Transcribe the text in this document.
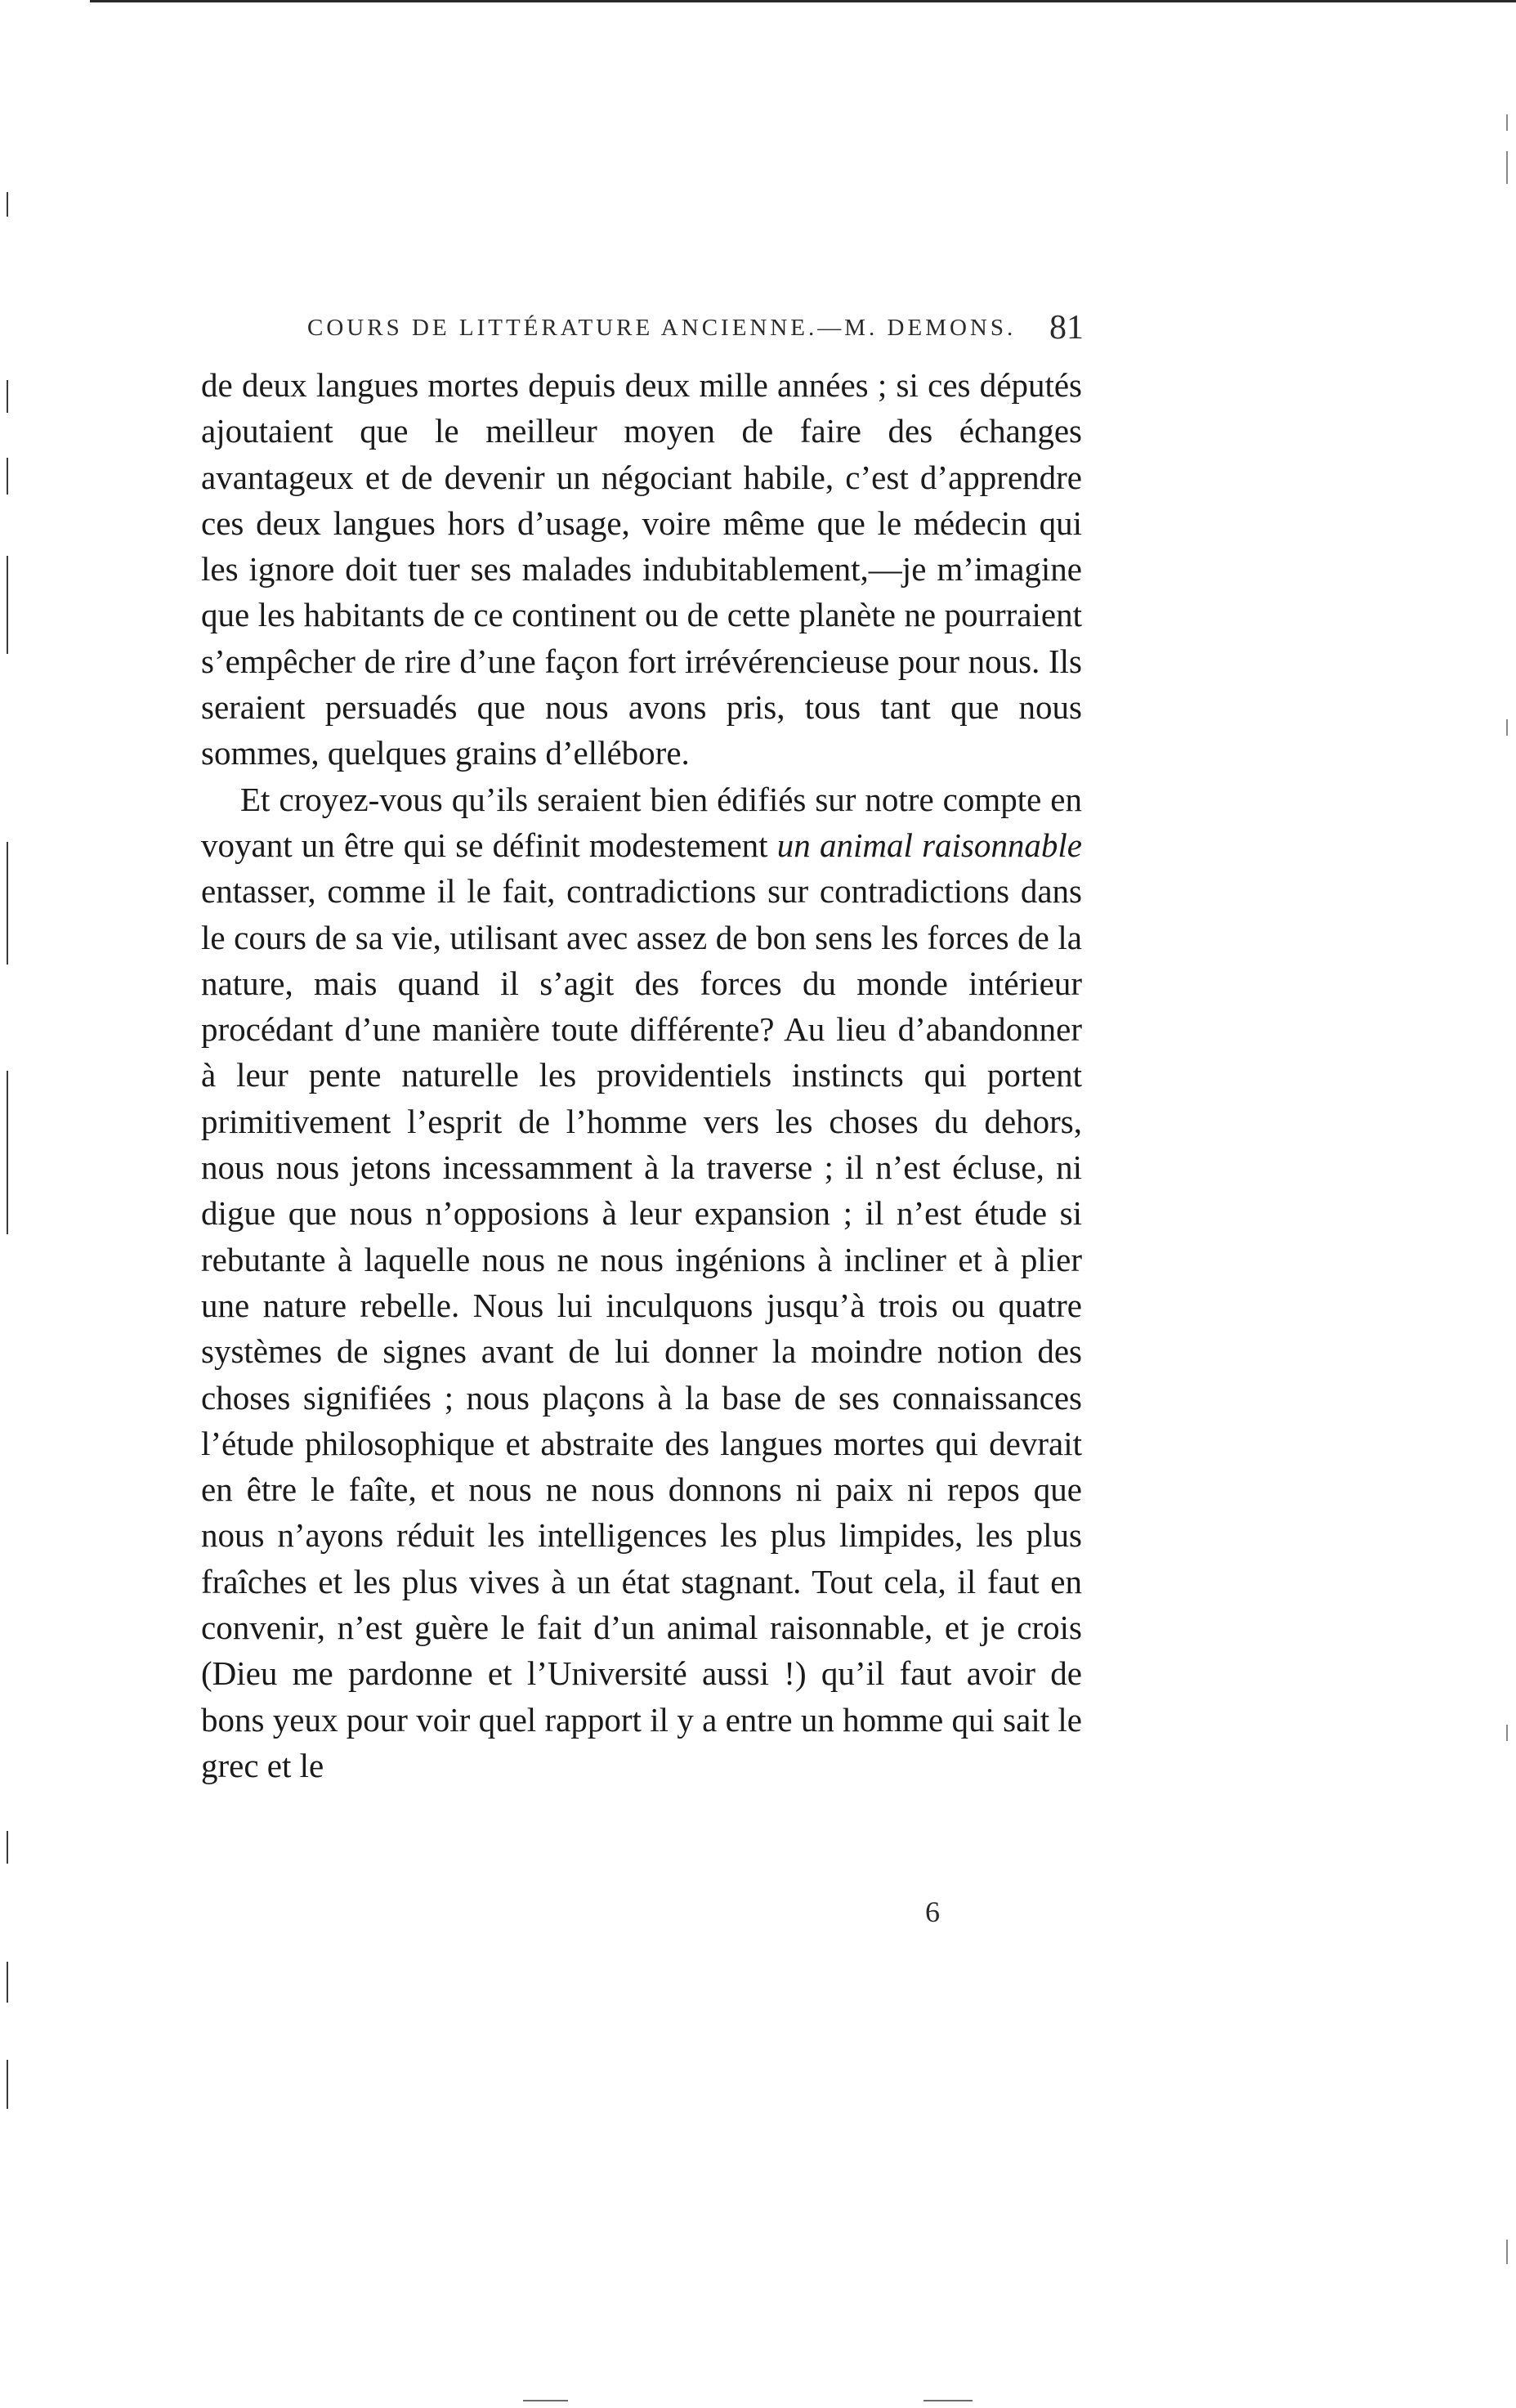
COURS DE LITTÉRATURE ANCIENNE.—M. DEMONS. 81

de deux langues mortes depuis deux mille années ; si ces députés ajoutaient que le meilleur moyen de faire des échanges avantageux et de devenir un négociant habile, c’est d’apprendre ces deux langues hors d’usage, voire même que le médecin qui les ignore doit tuer ses malades indubitablement,—je m’imagine que les habitants de ce continent ou de cette planète ne pourraient s’empêcher de rire d’une façon fort irrévérencieuse pour nous. Ils seraient persuadés que nous avons pris, tous tant que nous sommes, quelques grains d’ellébore.

Et croyez-vous qu’ils seraient bien édifiés sur notre compte en voyant un être qui se définit modestement un animal raisonnable entasser, comme il le fait, contradictions sur contradictions dans le cours de sa vie, utilisant avec assez de bon sens les forces de la nature, mais quand il s’agit des forces du monde intérieur procédant d’une manière toute différente? Au lieu d’abandonner à leur pente naturelle les providentiels instincts qui portent primitivement l’esprit de l’homme vers les choses du dehors, nous nous jetons incessamment à la traverse ; il n’est écluse, ni digue que nous n’opposions à leur expansion ; il n’est étude si rebutante à laquelle nous ne nous ingénions à incliner et à plier une nature rebelle. Nous lui inculquons jusqu’à trois ou quatre systèmes de signes avant de lui donner la moindre notion des choses signifiées ; nous plaçons à la base de ses connaissances l’étude philosophique et abstraite des langues mortes qui devrait en être le faîte, et nous ne nous donnons ni paix ni repos que nous n’ayons réduit les intelligences les plus limpides, les plus fraîches et les plus vives à un état stagnant. Tout cela, il faut en convenir, n’est guère le fait d’un animal raisonnable, et je crois (Dieu me pardonne et l’Université aussi !) qu’il faut avoir de bons yeux pour voir quel rapport il y a entre un homme qui sait le grec et le

6
